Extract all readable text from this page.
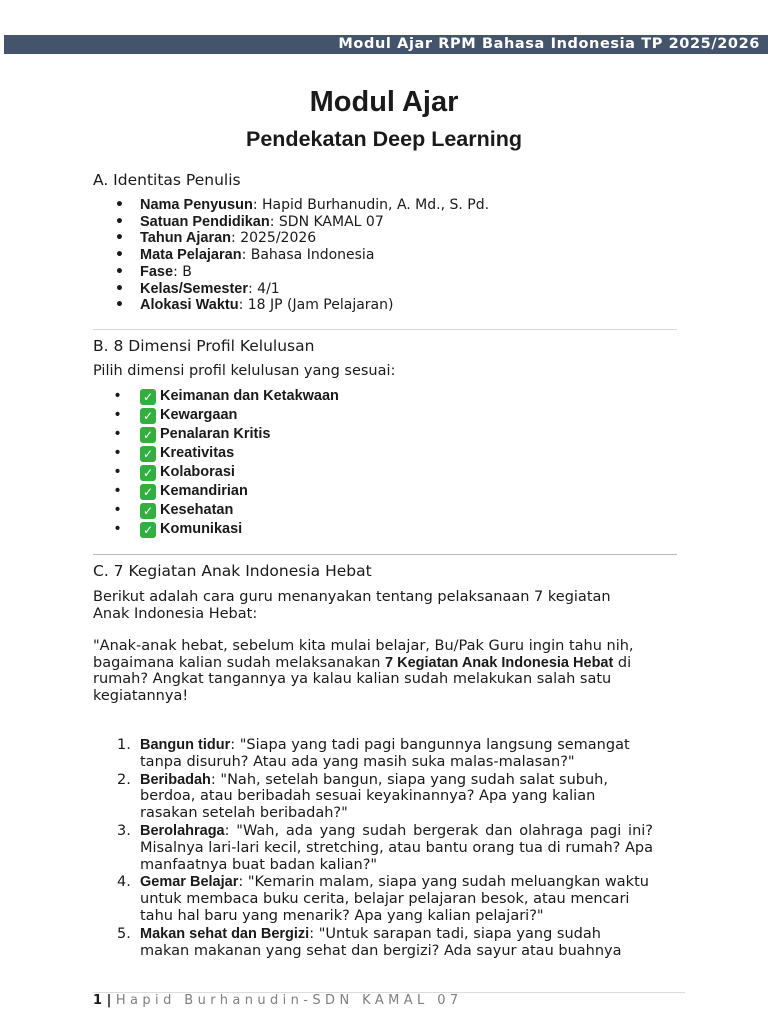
Modul Ajar RPM Bahasa Indonesia TP 2025/2026
Modul Ajar
Pendekatan Deep Learning
A. Identitas Penulis
• Nama Penyusun: Hapid Burhanudin, A. Md., S. Pd.
• Satuan Pendidikan: SDN KAMAL 07
• Tahun Ajaran: 2025/2026
• Mata Pelajaran: Bahasa Indonesia
• Fase: B
• Kelas/Semester: 4/1
• Alokasi Waktu: 18 JP (Jam Pelajaran)
B. 8 Dimensi Profil Kelulusan
Pilih dimensi profil kelulusan yang sesuai:
• ✓ Keimanan dan Ketakwaan
• ✓ Kewargaan
• ✓ Penalaran Kritis
• ✓ Kreativitas
• ✓ Kolaborasi
• ✓ Kemandirian
• ✓ Kesehatan
• ✓ Komunikasi
C. 7 Kegiatan Anak Indonesia Hebat
Berikut adalah cara guru menanyakan tentang pelaksanaan 7 kegiatan
Anak Indonesia Hebat:
"Anak-anak hebat, sebelum kita mulai belajar, Bu/Pak Guru ingin tahu nih,
bagaimana kalian sudah melaksanakan 7 Kegiatan Anak Indonesia Hebat di
rumah? Angkat tangannya ya kalau kalian sudah melakukan salah satu
kegiatannya!
1. Bangun tidur: "Siapa yang tadi pagi bangunnya langsung semangat tanpa disuruh? Atau ada yang masih suka malas-malasan?"
2. Beribadah: "Nah, setelah bangun, siapa yang sudah salat subuh, berdoa, atau beribadah sesuai keyakinannya? Apa yang kalian rasakan setelah beribadah?"
3. Berolahraga: "Wah, ada yang sudah bergerak dan olahraga pagi ini? Misalnya lari-lari kecil, stretching, atau bantu orang tua di rumah? Apa manfaatnya buat badan kalian?"
4. Gemar Belajar: "Kemarin malam, siapa yang sudah meluangkan waktu untuk membaca buku cerita, belajar pelajaran besok, atau mencari tahu hal baru yang menarik? Apa yang kalian pelajari?"
5. Makan sehat dan Bergizi: "Untuk sarapan tadi, siapa yang sudah makan makanan yang sehat dan bergizi? Ada sayur atau buahnya
1 | Hapid Burhanudin-SDN KAMAL 07
